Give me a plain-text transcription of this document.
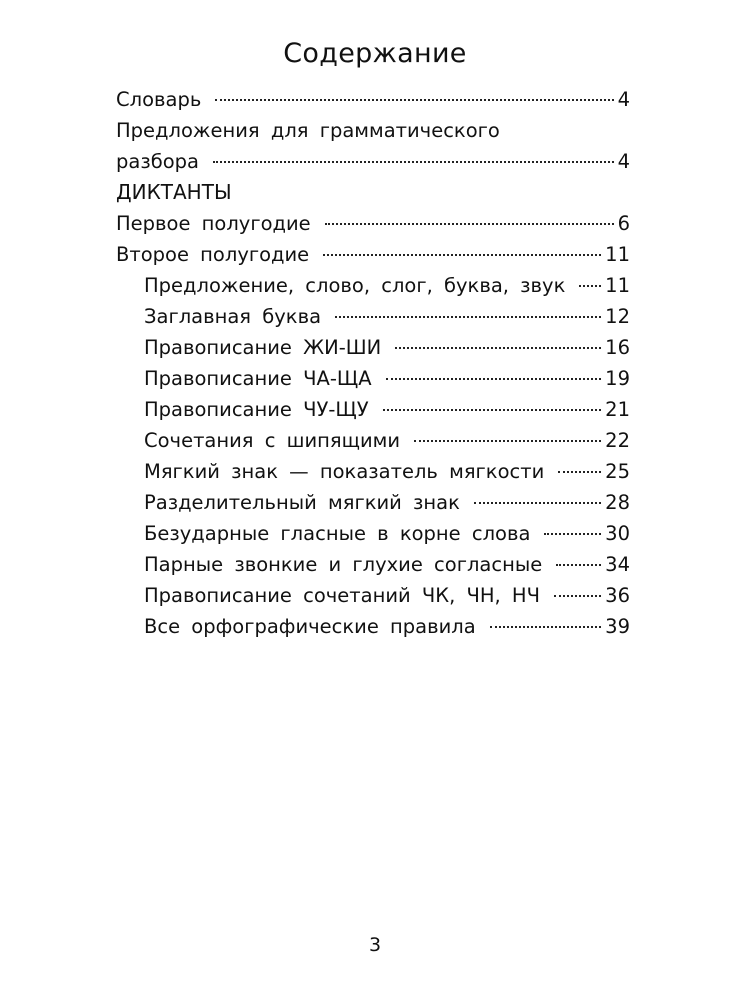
Содержание
Словарь	4
Предложения для грамматического
разбора	4
ДИКТАНТЫ
Первое полугодие	6
Второе полугодие	11
Предложение, слово, слог, буква, звук 11
Заглавная буква	12
Правописание ЖИ-ШИ	16
Правописание ЧА-ЩА	19
Правописание ЧУ-ЩУ	21
Сочетания с шипящими	22
Мягкий знак — показатель мягкости	25
Разделительный мягкий знак	28
Безударные гласные в корне слова	30
Парные звонкие и глухие согласные	34
Правописание сочетаний ЧК, ЧН, НЧ	36
Все орфографические правила	39
3
